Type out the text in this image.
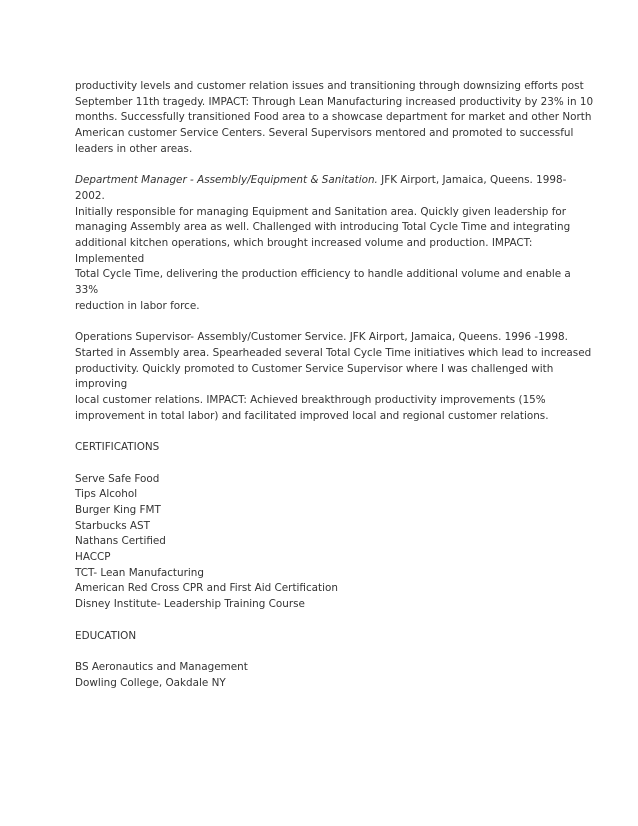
productivity levels and customer relation issues and transitioning through downsizing efforts post
September 11th tragedy. IMPACT: Through Lean Manufacturing increased productivity by 23% in 10
months. Successfully transitioned Food area to a showcase department for market and other North
American customer Service Centers. Several Supervisors mentored and promoted to successful
leaders in other areas.

Department Manager - Assembly/Equipment & Sanitation. JFK Airport, Jamaica, Queens. 1998-2002.
Initially responsible for managing Equipment and Sanitation area. Quickly given leadership for
managing Assembly area as well. Challenged with introducing Total Cycle Time and integrating
additional kitchen operations, which brought increased volume and production. IMPACT: Implemented
Total Cycle Time, delivering the production efficiency to handle additional volume and enable a 33%
reduction in labor force.

Operations Supervisor- Assembly/Customer Service. JFK Airport, Jamaica, Queens. 1996 -1998.
Started in Assembly area. Spearheaded several Total Cycle Time initiatives which lead to increased
productivity. Quickly promoted to Customer Service Supervisor where I was challenged with improving
local customer relations. IMPACT: Achieved breakthrough productivity improvements (15%
improvement in total labor) and facilitated improved local and regional customer relations.

CERTIFICATIONS
Serve Safe Food
Tips Alcohol
Burger King FMT
Starbucks AST
Nathans Certified
HACCP
TCT- Lean Manufacturing
American Red Cross CPR and First Aid Certification
Disney Institute- Leadership Training Course
EDUCATION
BS Aeronautics and Management
Dowling College, Oakdale NY
